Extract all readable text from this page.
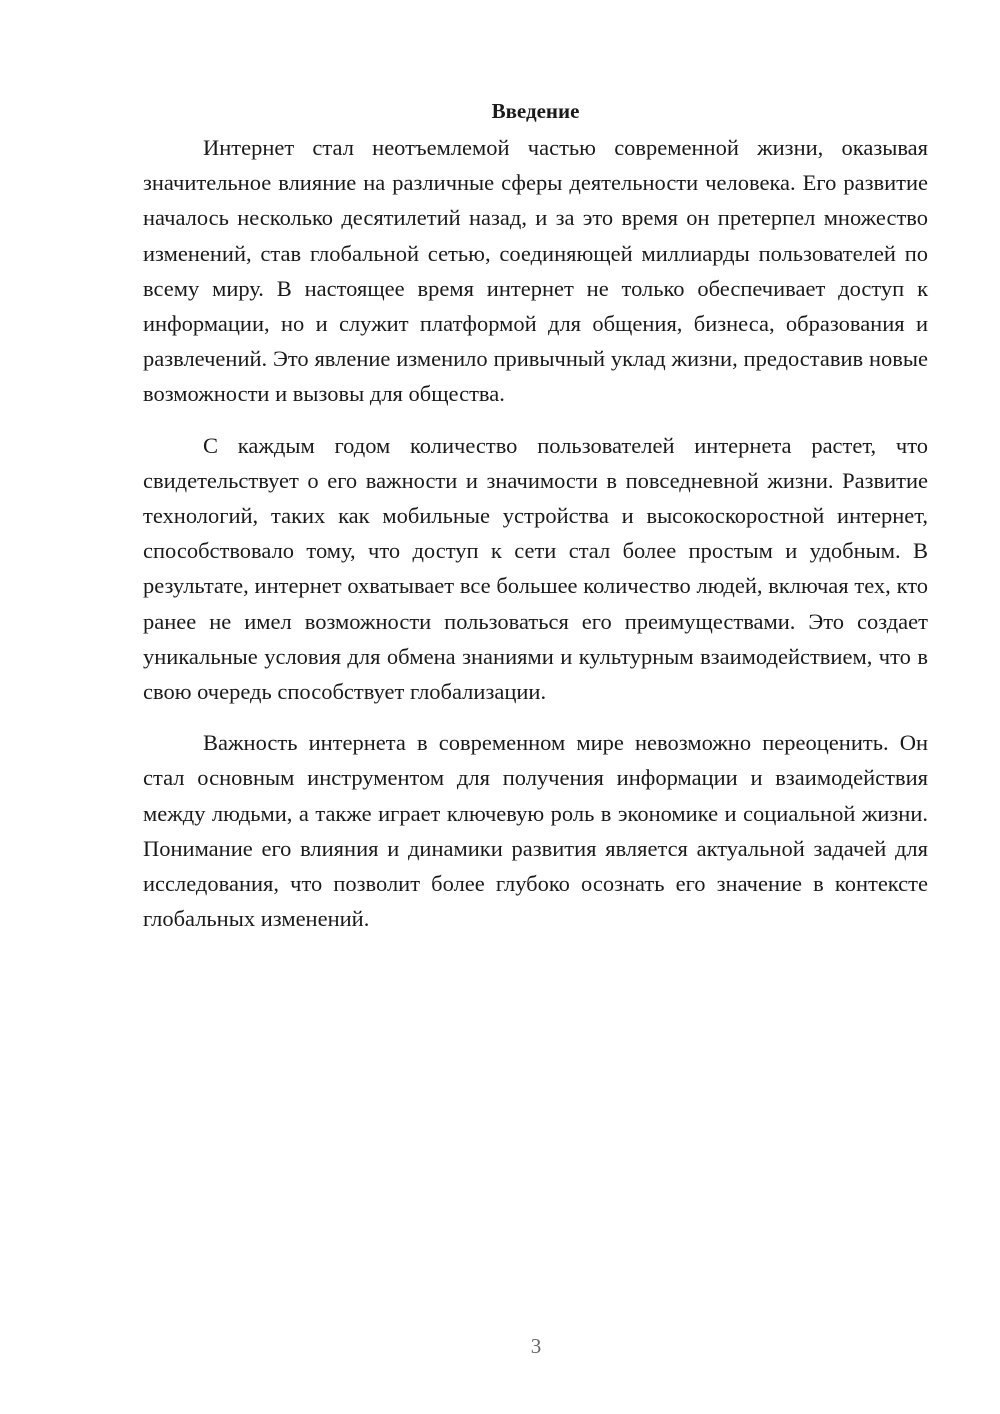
Введение

Интернет стал неотъемлемой частью современной жизни, оказывая значительное влияние на различные сферы деятельности человека. Его развитие началось несколько десятилетий назад, и за это время он претерпел множество изменений, став глобальной сетью, соединяющей миллиарды пользователей по всему миру. В настоящее время интернет не только обеспечивает доступ к информации, но и служит платформой для общения, бизнеса, образования и развлечений. Это явление изменило привычный уклад жизни, предоставив новые возможности и вызовы для общества.

С каждым годом количество пользователей интернета растет, что свидетельствует о его важности и значимости в повседневной жизни. Развитие технологий, таких как мобильные устройства и высокоскоростной интернет, способствовало тому, что доступ к сети стал более простым и удобным. В результате, интернет охватывает все большее количество людей, включая тех, кто ранее не имел возможности пользоваться его преимуществами. Это создает уникальные условия для обмена знаниями и культурным взаимодействием, что в свою очередь способствует глобализации.

Важность интернета в современном мире невозможно переоценить. Он стал основным инструментом для получения информации и взаимодействия между людьми, а также играет ключевую роль в экономике и социальной жизни. Понимание его влияния и динамики развития является актуальной задачей для исследования, что позволит более глубоко осознать его значение в контексте глобальных изменений.

3
